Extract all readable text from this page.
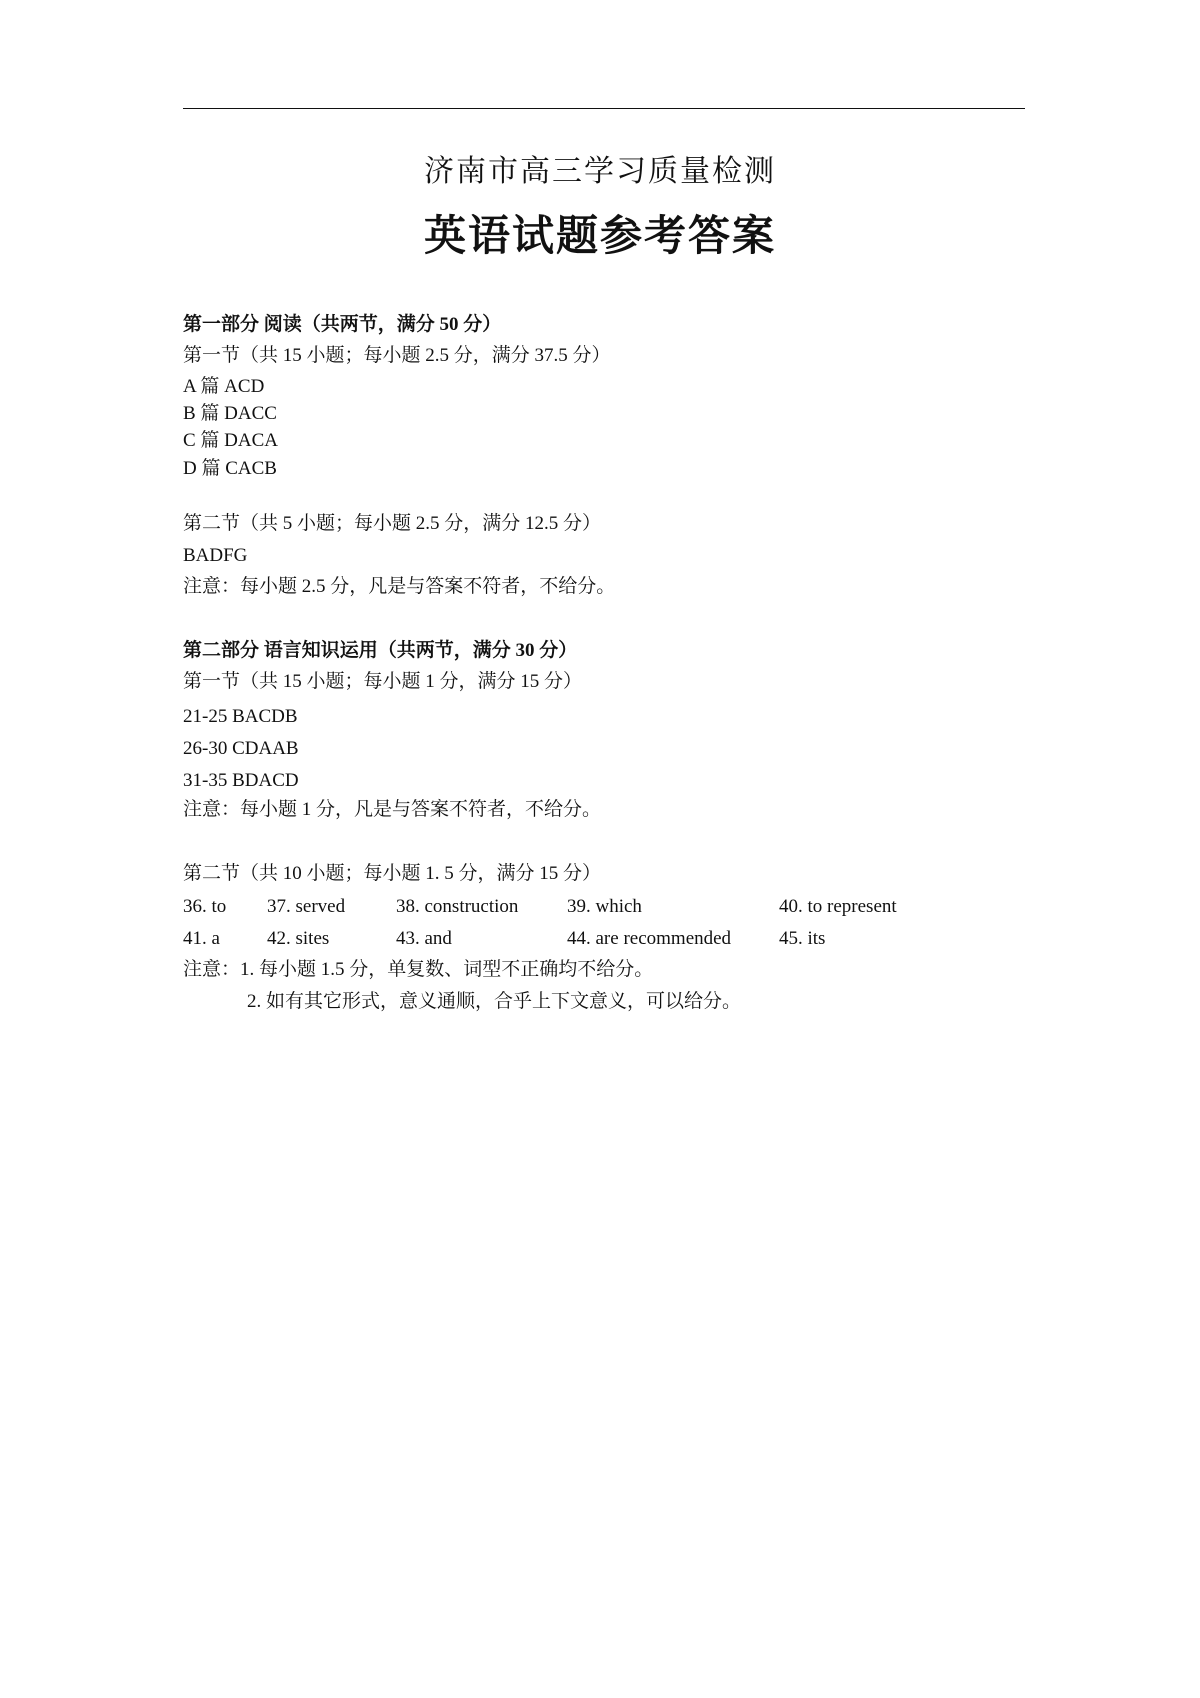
济南市高三学习质量检测
英语试题参考答案
第一部分 阅读（共两节，满分 50 分）
第一节（共 15 小题；每小题 2.5 分，满分 37.5 分）
A 篇 ACD
B 篇 DACC
C 篇 DACA
D 篇 CACB
第二节（共 5 小题；每小题 2.5 分，满分 12.5 分）
BADFG
注意：每小题 2.5 分，凡是与答案不符者，不给分。
第二部分 语言知识运用（共两节，满分 30 分）
第一节（共 15 小题；每小题 1 分，满分 15 分）
21-25 BACDB
26-30 CDAAB
31-35 BDACD
注意：每小题 1 分，凡是与答案不符者，不给分。
第二节（共 10 小题；每小题 1. 5 分，满分 15 分）
36. to 37. served	38. construction	39. which	40. to represent
41. a 42. sites	43. and	44. are recommended	45. its
注意：1. 每小题 1.5 分，单复数、词型不正确均不给分。
2. 如有其它形式，意义通顺，合乎上下文意义，可以给分。
